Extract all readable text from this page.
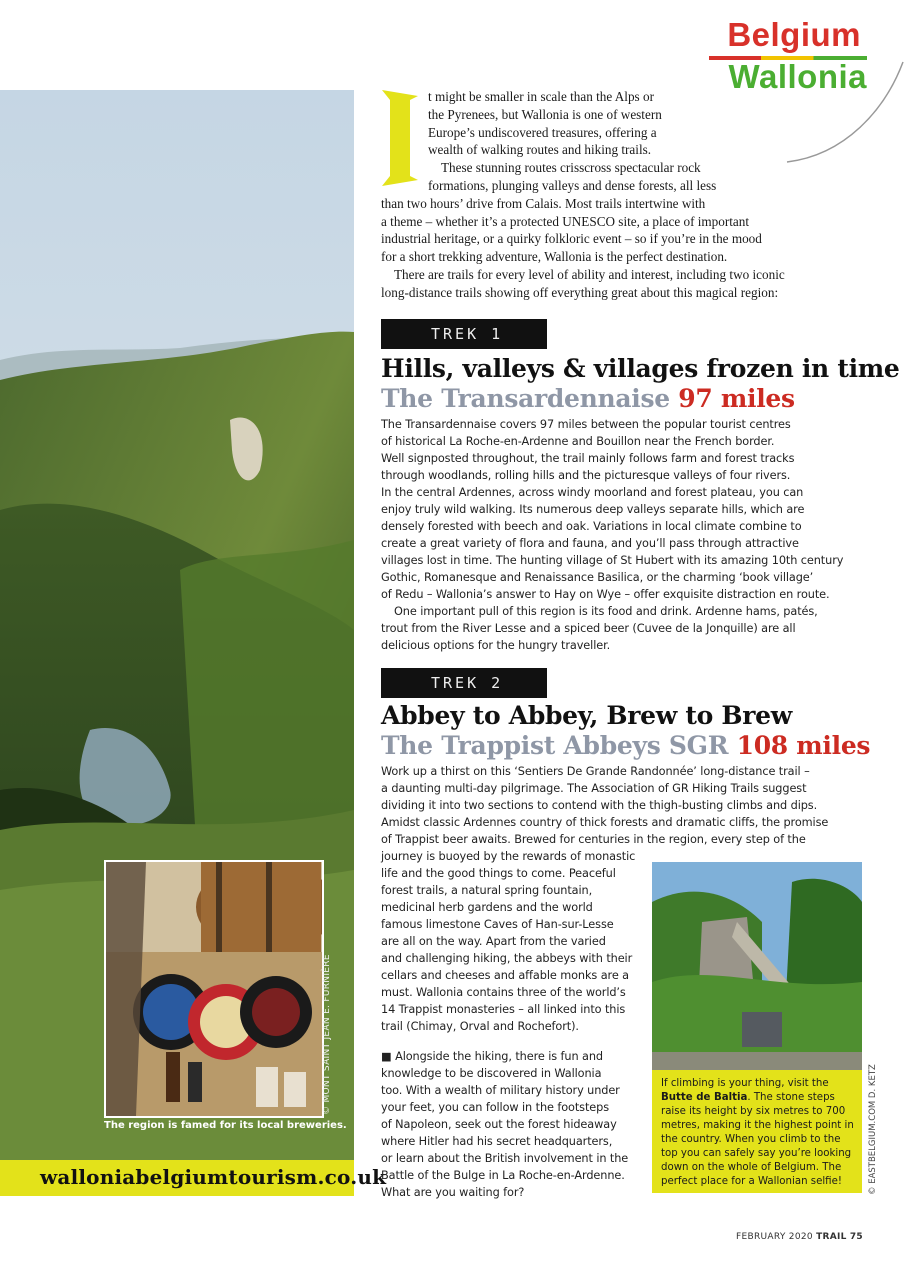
Belgium
Wallonia
The region is famed for its local breweries.
© MONT SAINT JEAN E. FURNIÈRE
walloniabelgiumtourism.co.uk
t might be smaller in scale than the Alps or
the Pyrenees, but Wallonia is one of western
Europe’s undiscovered treasures, offering a
wealth of walking routes and hiking trails.
These stunning routes crisscross spectacular rock
formations, plunging valleys and dense forests, all less
than two hours’ drive from Calais. Most trails intertwine with
a theme – whether it’s a protected UNESCO site, a place of important
industrial heritage, or a quirky folkloric event – so if you’re in the mood
for a short trekking adventure, Wallonia is the perfect destination.
There are trails for every level of ability and interest, including two iconic
long-distance trails showing off everything great about this magical region:
TREK 1
Hills, valleys & villages frozen in time
The Transardennaise 97 miles
The Transardennaise covers 97 miles between the popular tourist centres
of historical La Roche-en-Ardenne and Bouillon near the French border.
Well signposted throughout, the trail mainly follows farm and forest tracks
through woodlands, rolling hills and the picturesque valleys of four rivers.
In the central Ardennes, across windy moorland and forest plateau, you can
enjoy truly wild walking. Its numerous deep valleys separate hills, which are
densely forested with beech and oak. Variations in local climate combine to
create a great variety of flora and fauna, and you’ll pass through attractive
villages lost in time. The hunting village of St Hubert with its amazing 10th century
Gothic, Romanesque and Renaissance Basilica, or the charming ‘book village’
of Redu – Wallonia’s answer to Hay on Wye – offer exquisite distraction en route.
One important pull of this region is its food and drink. Ardenne hams, patés,
trout from the River Lesse and a spiced beer (Cuvee de la Jonquille) are all
delicious options for the hungry traveller.
TREK 2
Abbey to Abbey, Brew to Brew
The Trappist Abbeys SGR 108 miles
Work up a thirst on this ‘Sentiers De Grande Randonnée’ long-distance trail –
a daunting multi-day pilgrimage. The Association of GR Hiking Trails suggest
dividing it into two sections to contend with the thigh-busting climbs and dips.
Amidst classic Ardennes country of thick forests and dramatic cliffs, the promise
of Trappist beer awaits. Brewed for centuries in the region, every step of the
journey is buoyed by the rewards of monastic
life and the good things to come. Peaceful
forest trails, a natural spring fountain,
medicinal herb gardens and the world
famous limestone Caves of Han-sur-Lesse
are all on the way. Apart from the varied
and challenging hiking, the abbeys with their
cellars and cheeses and affable monks are a
must. Wallonia contains three of the world’s
14 Trappist monasteries – all linked into this
trail (Chimay, Orval and Rochefort).
■ Alongside the hiking, there is fun and
knowledge to be discovered in Wallonia
too. With a wealth of military history under
your feet, you can follow in the footsteps
of Napoleon, seek out the forest hideaway
where Hitler had his secret headquarters,
or learn about the British involvement in the
Battle of the Bulge in La Roche-en-Ardenne.
What are you waiting for?
If climbing is your thing, visit the Butte de Baltia. The stone steps raise its height by six metres to 700 metres, making it the highest point in the country. When you climb to the top you can safely say you’re looking down on the whole of Belgium. The perfect place for a Wallonian selfie!	© EASTBELGIUM.COM D. KETZ
FEBRUARY 2020 TRAIL 75
